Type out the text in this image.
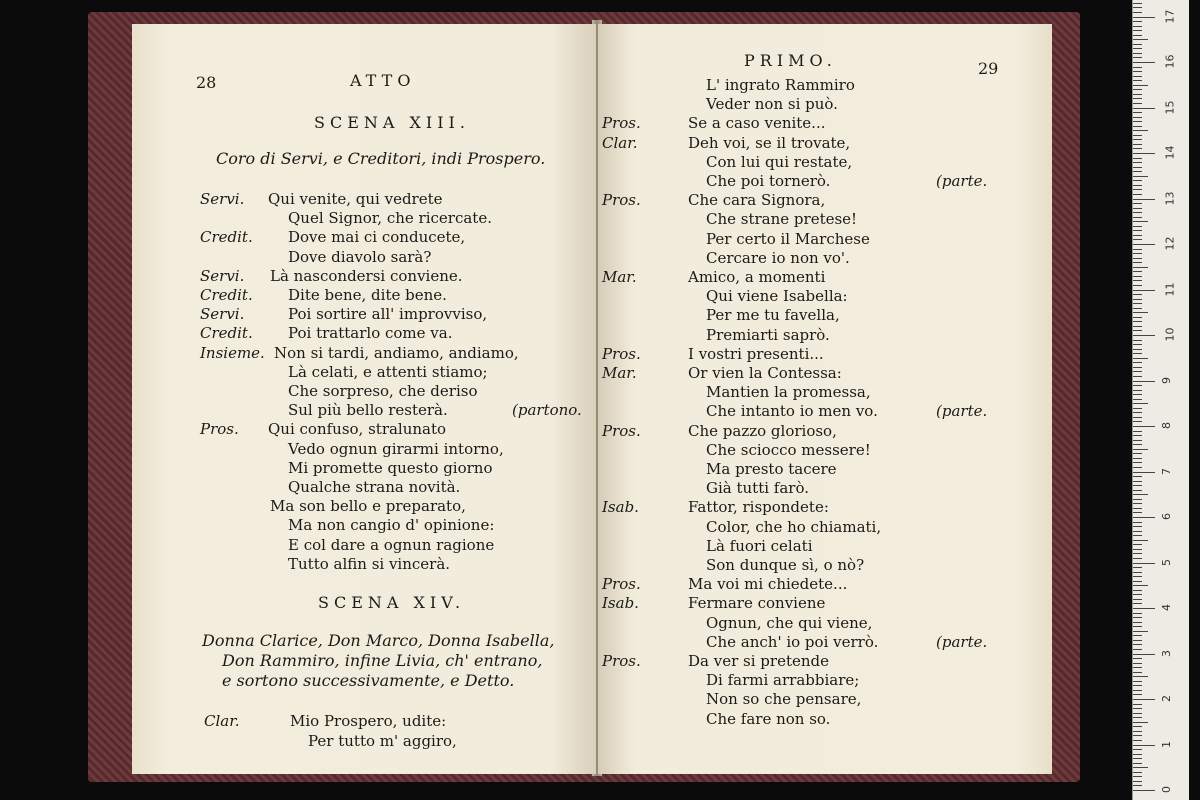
28	ATTO
SCENA XIII.
Coro di Servi, e Creditori, indi Prospero.
Servi. Qui venite, qui vedrete
Quel Signor, che ricercate.
Credit. Dove mai ci conducete,
Dove diavolo sarà?
Servi. Là nascondersi conviene.
Credit. Dite bene, dite bene.
Servi.	Poi sortire all' improvviso,
Credit. Poi trattarlo come va.
Insieme. Non si tardi, andiamo, andiamo,
Là celati, e attenti stiamo;
Che sorpreso, che deriso
Sul più bello resterà.	(partono.
Pros. Qui confuso, stralunato
Vedo ognun girarmi intorno,
Mi promette questo giorno
Qualche strana novità.
Ma son bello e preparato,
Ma non cangio d' opinione:
E col dare a ognun ragione
Tutto alfin si vincerà.
SCENA XIV.
Donna Clarice, Don Marco, Donna Isabella,
Don Rammiro, infine Livia, ch' entrano,
e sortono successivamente, e Detto.
Clar.	Mio Prospero, udite:
Per tutto m' aggiro,
PRIMO.	29
L' ingrato Rammiro
Veder non si può.
Pros.	Se a caso venite...
Clar.	Deh voi, se il trovate,
Con lui qui restate,
Che poi tornerò.	(parte.
Pros.	Che cara Signora,
Che strane pretese!
Per certo il Marchese
Cercare io non vo'.
Mar.	Amico, a momenti
Qui viene Isabella:
Per me tu favella,
Premiarti saprò.
Pros.	I vostri presenti...
Mar.	Or vien la Contessa:
Mantien la promessa,
Che intanto io men vo.	(parte.
Pros.	Che pazzo glorioso,
Che sciocco messere!
Ma presto tacere
Già tutti farò.
Isab.	Fattor, rispondete:
Color, che ho chiamati,
Là fuori celati
Son dunque sì, o nò?
Pros.	Ma voi mi chiedete...
Isab.	Fermare conviene
Ognun, che qui viene,
Che anch' io poi verrò.	(parte.
Pros.	Da ver si pretende
Di farmi arrabbiare;
Non so che pensare,
Che fare non so.
0
1
2
3
4
5
6
7
8
9
10
11
12
13
14
15
16
17
